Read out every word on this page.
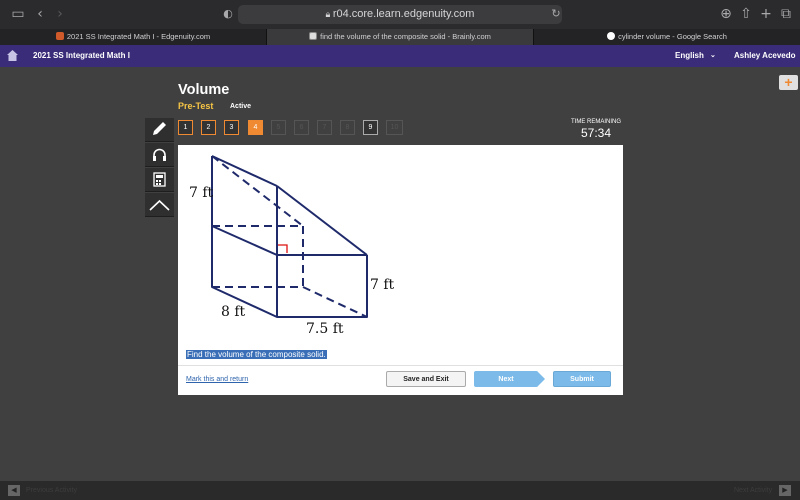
▭ ‹	›	◐	🔒︎ r04.core.learn.edgenuity.com	↻	⊕ ⇧ + ⧉
2021 SS Integrated Math I - Edgenuity.com	find the volume of the composite solid - Brainly.com	cylinder volume - Google Search
2021 SS Integrated Math I	English ⌄ Ashley Acevedo
+
Volume
Pre-Test Active
1	2	3	4	5	6	7	8	9	10
TIME REMAINING
57:34
7 ft
7 ft
8 ft
7.5 ft
Find the volume of the composite solid.
Mark this and return	Save and Exit	Next	Submit
◀	Previous Activity	Next Activity	▶
